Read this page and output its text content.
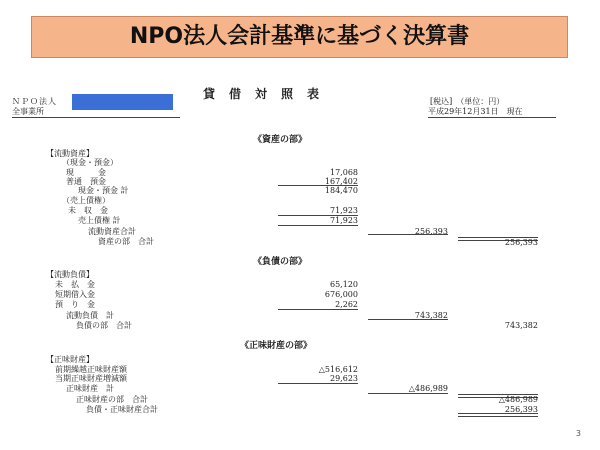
NPO法人会計基準に基づく決算書
貸借対照表
ＮＰＯ法人
全事業所
[税込]　（単位：円）
平成29年12月31日　現在
《資産の部》
【流動資産】
（現金・預金）
現　　　金	17,068
普通　預金	167,402
現金・預金 計	184,470
（売上債権）
未　収　金	71,923
売上債権 計	71,923
流動資産合計	256,393
資産の部　合計	256,393
《負債の部》
【流動負債】
未　払　金	65,120
短期借入金	676,000
預　り　金	2,262
流動負債　計	743,382
負債の部　合計	743,382
《正味財産の部》
【正味財産】
前期繰越正味財産額	△516,612
当期正味財産増減額	29,623
正味財産　計	△486,989
正味財産の部　合計	△486,989
負債・正味財産合計	256,393
3
